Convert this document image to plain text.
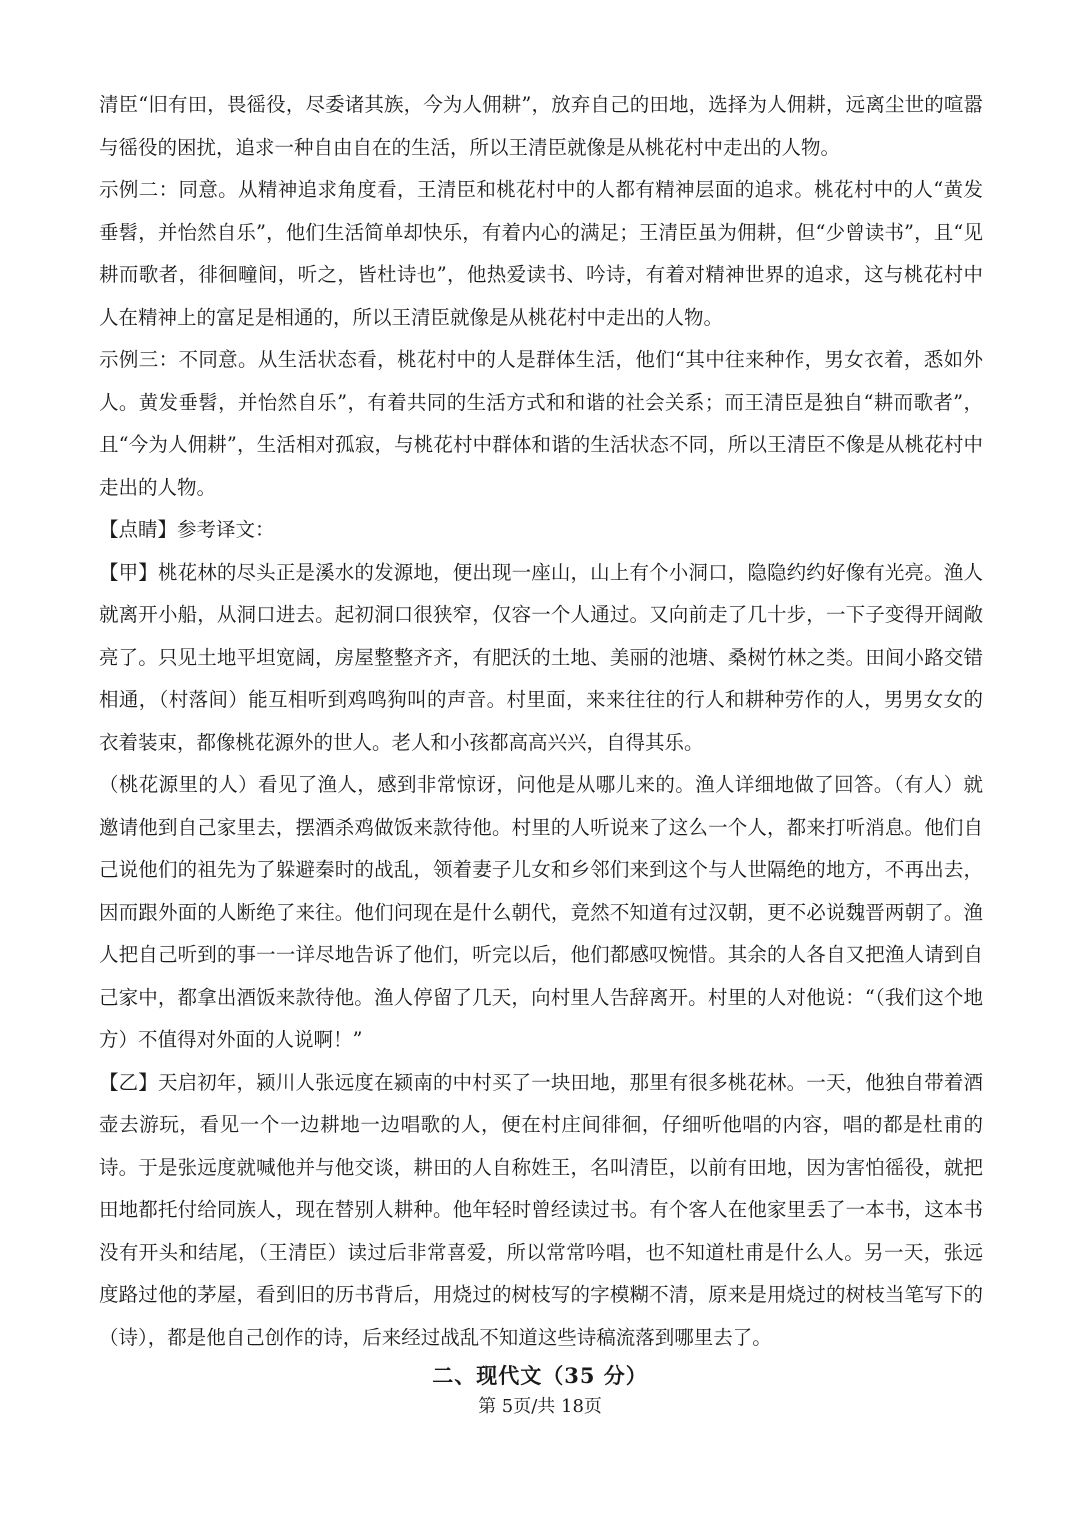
清臣“旧有田，畏徭役，尽委诸其族，今为人佣耕”，放弃自己的田地，选择为人佣耕，远离尘世的喧嚣与徭役的困扰，追求一种自由自在的生活，所以王清臣就像是从桃花村中走出的人物。

示例二：同意。从精神追求角度看，王清臣和桃花村中的人都有精神层面的追求。桃花村中的人“黄发垂髫，并怡然自乐”，他们生活简单却快乐，有着内心的满足；王清臣虽为佣耕，但“少曾读书”，且“见耕而歌者，徘徊疃间，听之，皆杜诗也”，他热爱读书、吟诗，有着对精神世界的追求，这与桃花村中人在精神上的富足是相通的，所以王清臣就像是从桃花村中走出的人物。

示例三：不同意。从生活状态看，桃花村中的人是群体生活，他们“其中往来种作，男女衣着，悉如外人。黄发垂髫，并怡然自乐”，有着共同的生活方式和和谐的社会关系；而王清臣是独自“耕而歌者”，且“今为人佣耕”，生活相对孤寂，与桃花村中群体和谐的生活状态不同，所以王清臣不像是从桃花村中走出的人物。

【点睛】参考译文：

【甲】桃花林的尽头正是溪水的发源地，便出现一座山，山上有个小洞口，隐隐约约好像有光亮。渔人就离开小船，从洞口进去。起初洞口很狭窄，仅容一个人通过。又向前走了几十步，一下子变得开阔敞亮了。只见土地平坦宽阔，房屋整整齐齐，有肥沃的土地、美丽的池塘、桑树竹林之类。田间小路交错相通，（村落间）能互相听到鸡鸣狗叫的声音。村里面，来来往往的行人和耕种劳作的人，男男女女的衣着装束，都像桃花源外的世人。老人和小孩都高高兴兴，自得其乐。

（桃花源里的人）看见了渔人，感到非常惊讶，问他是从哪儿来的。渔人详细地做了回答。（有人）就邀请他到自己家里去，摆酒杀鸡做饭来款待他。村里的人听说来了这么一个人，都来打听消息。他们自己说他们的祖先为了躲避秦时的战乱，领着妻子儿女和乡邻们来到这个与人世隔绝的地方，不再出去，因而跟外面的人断绝了来往。他们问现在是什么朝代，竟然不知道有过汉朝，更不必说魏晋两朝了。渔人把自己听到的事一一详尽地告诉了他们，听完以后，他们都感叹惋惜。其余的人各自又把渔人请到自己家中，都拿出酒饭来款待他。渔人停留了几天，向村里人告辞离开。村里的人对他说：“（我们这个地方）不值得对外面的人说啊！”

【乙】天启初年，颍川人张远度在颍南的中村买了一块田地，那里有很多桃花林。一天，他独自带着酒壶去游玩，看见一个一边耕地一边唱歌的人，便在村庄间徘徊，仔细听他唱的内容，唱的都是杜甫的诗。于是张远度就喊他并与他交谈，耕田的人自称姓王，名叫清臣，以前有田地，因为害怕徭役，就把田地都托付给同族人，现在替别人耕种。他年轻时曾经读过书。有个客人在他家里丢了一本书，这本书没有开头和结尾，（王清臣）读过后非常喜爱，所以常常吟唱，也不知道杜甫是什么人。另一天，张远度路过他的茅屋，看到旧的历书背后，用烧过的树枝写的字模糊不清，原来是用烧过的树枝当笔写下的（诗），都是他自己创作的诗，后来经过战乱不知道这些诗稿流落到哪里去了。

二、现代文（35 分）
第 5页/共 18页
